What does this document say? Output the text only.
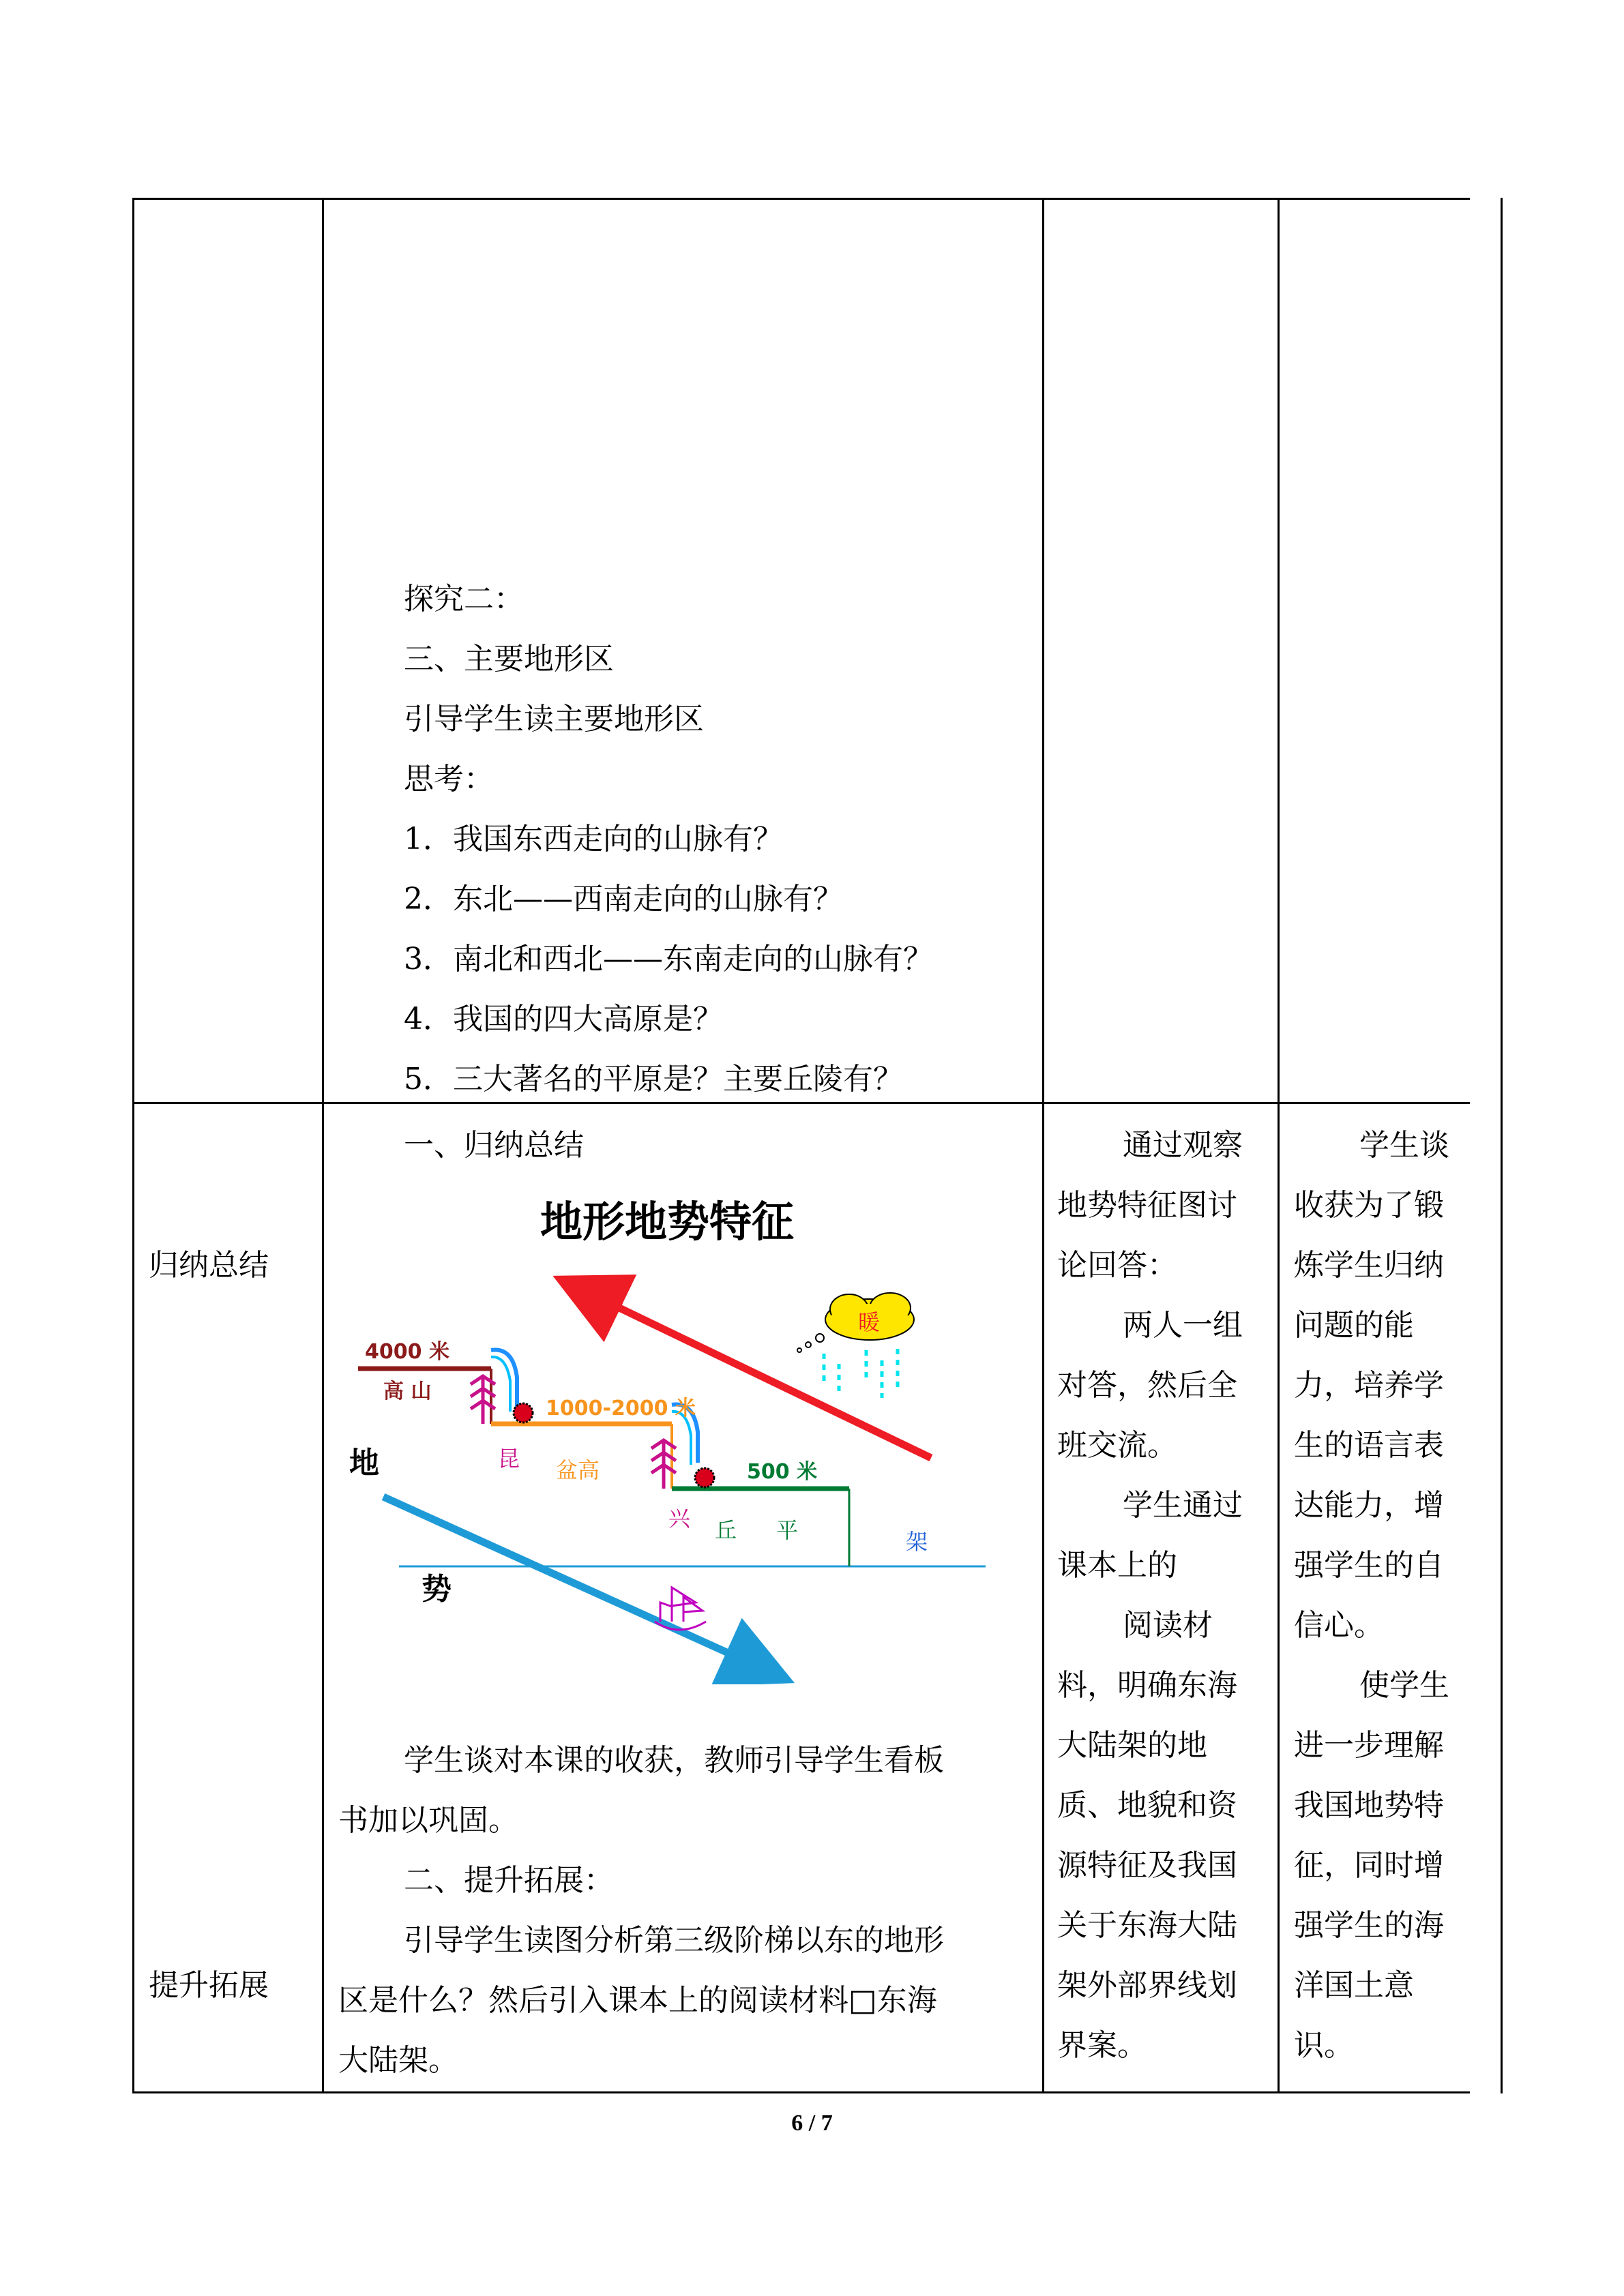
探究二：

三、主要地形区

引导学生读主要地形区

思考：

1．我国东西走向的山脉有？

2．东北——西南走向的山脉有？

3．南北和西北——东南走向的山脉有？

4．我国的四大高原是？

5．三大著名的平原是？主要丘陵有？

归纳总结
提升拓展
一、归纳总结
地形地势特征
4000 米
高 山
1000-2000 米
昆 盆高	500 米
兴 丘 平	架
暖
地
势

学生谈对本课的收获，教师引导学生看板

书加以巩固。

二、提升拓展：

引导学生读图分析第三级阶梯以东的地形

区是什么？然后引入课本上的阅读材料□东海

大陆架。

通过观察

地势特征图讨

论回答：

两人一组

对答，然后全

班交流。

学生通过

课本上的

阅读材

料，明确东海

大陆架的地

质、地貌和资

源特征及我国

关于东海大陆

架外部界线划

界案。

学生谈

收获为了锻

炼学生归纳

问题的能

力，培养学

生的语言表

达能力，增

强学生的自

信心。

使学生

进一步理解

我国地势特

征，同时增

强学生的海

洋国土意

识。

6 / 7
